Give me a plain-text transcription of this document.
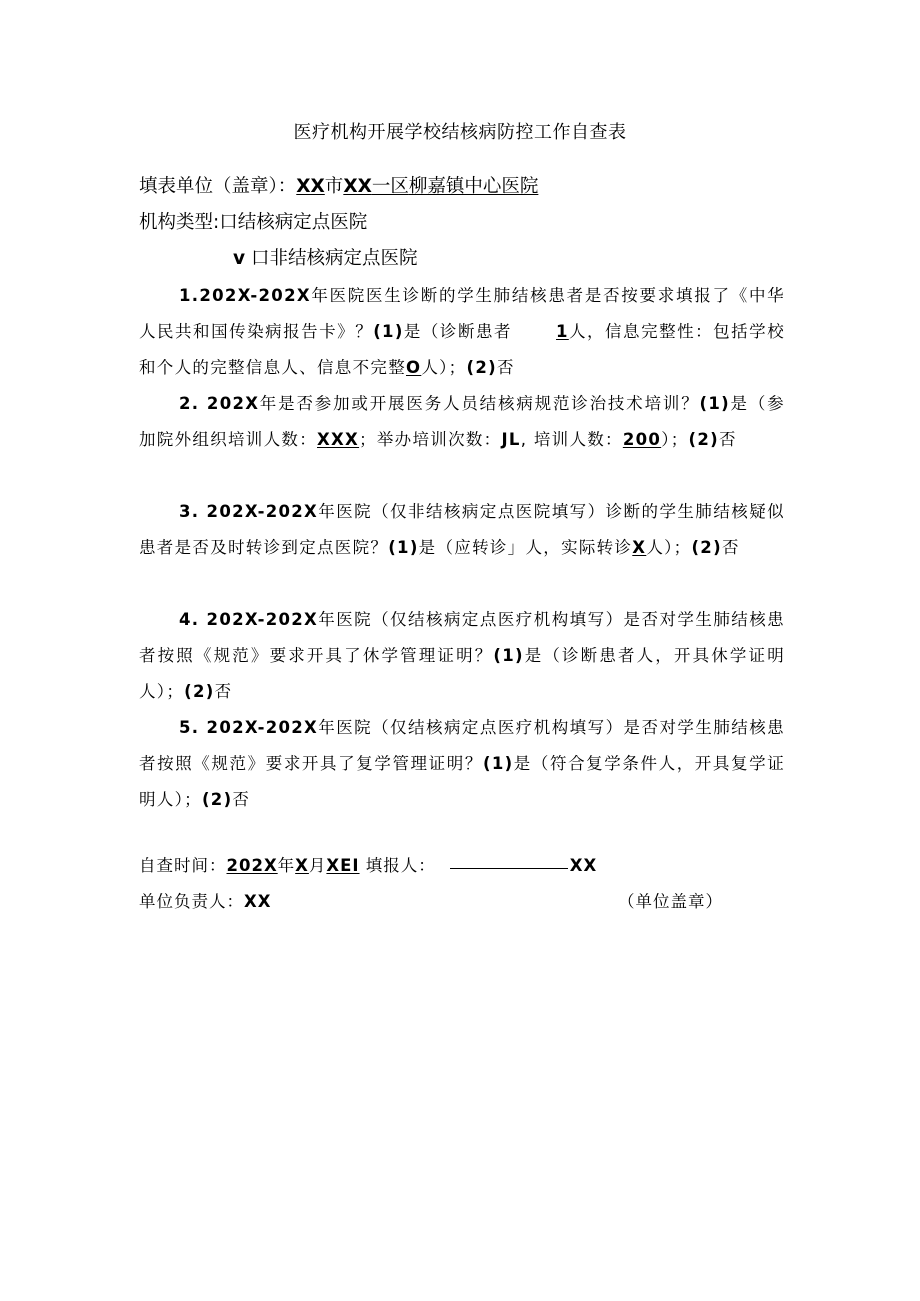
医疗机构开展学校结核病防控工作自查表
填表单位（盖章）：XX市XX一区柳嘉镇中心医院
机构类型:口结核病定点医院
v 口非结核病定点医院
1.202X-202X年医院医生诊断的学生肺结核患者是否按要求填报了《中华人民共和国传染病报告卡》？(1)是（诊断患者	1人，信息完整性：包括学校和个人的完整信息人、信息不完整O人）；(2)否
2. 202X年是否参加或开展医务人员结核病规范诊治技术培训？(1)是（参加院外组织培训人数：XXX；举办培训次数：JL, 培训人数：200）；(2)否
3. 202X-202X年医院（仅非结核病定点医院填写）诊断的学生肺结核疑似患者是否及时转诊到定点医院？(1)是（应转诊」人，实际转诊X人）；(2)否
4. 202X-202X年医院（仅结核病定点医疗机构填写）是否对学生肺结核患者按照《规范》要求开具了休学管理证明？(1)是（诊断患者人，开具休学证明人）；(2)否
5. 202X-202X年医院（仅结核病定点医疗机构填写）是否对学生肺结核患者按照《规范》要求开具了复学管理证明？(1)是（符合复学条件人，开具复学证明人）；(2)否
自查时间：202X年X月XEI 填报人：	XX
单位负责人：XX	（单位盖章）
